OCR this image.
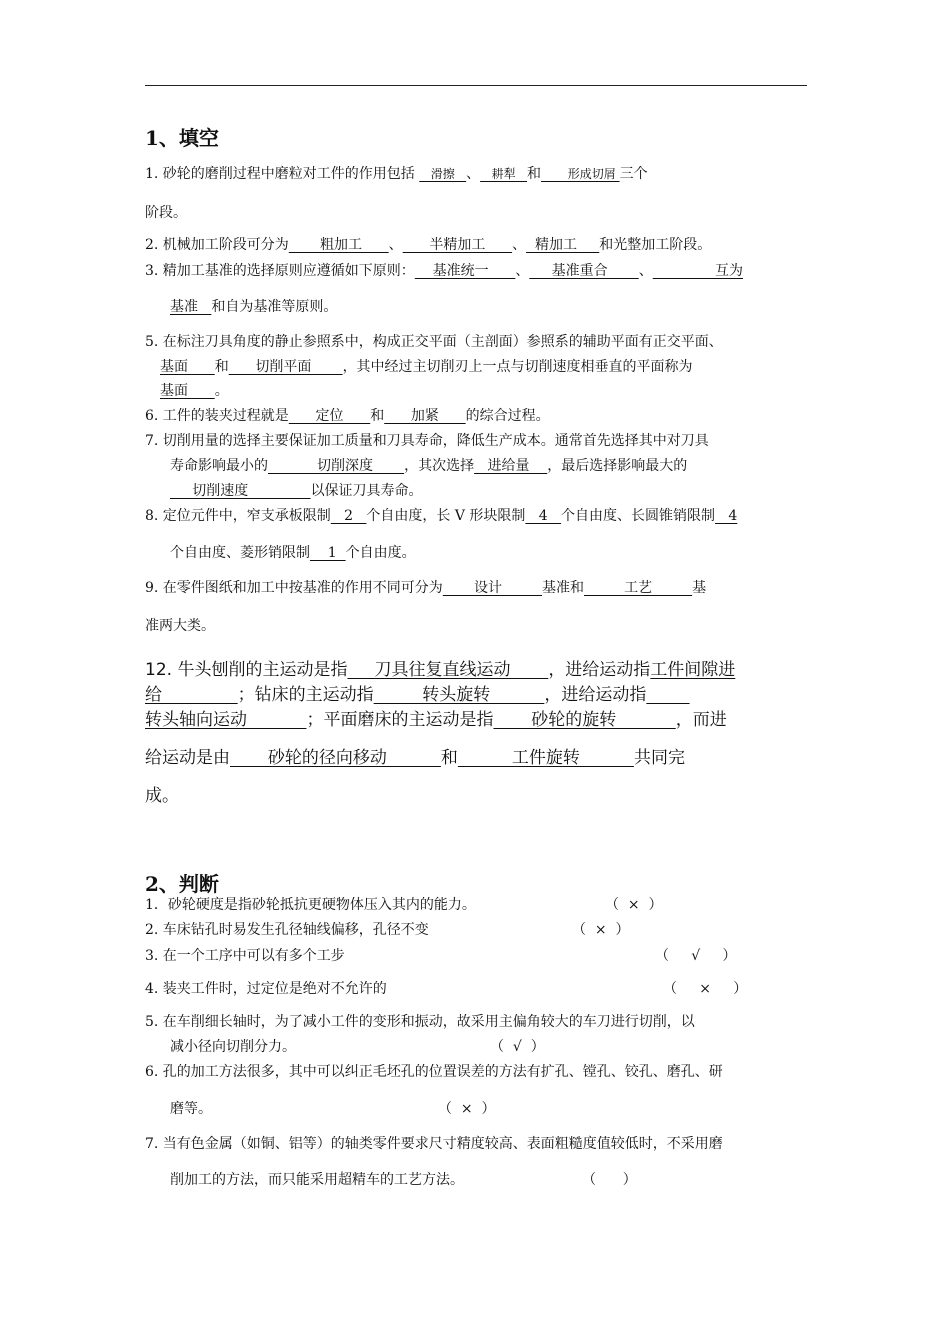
1、填空
1. 砂轮的磨削过程中磨粒对工件的作用包括    滑擦   、   耕犁   和       形成切屑 三个
阶段。
2. 机械加工阶段可分为       粗加工      、      半精加工      、  精加工     和光整加工阶段。
3. 精加工基准的选择原则应遵循如下原则：    基准统一      、     基准重合       、              互为
基准   和自为基准等原则。
5. 在标注刀具角度的静止参照系中，构成正交平面（主剖面）参照系的辅助平面有正交平面、
基面      和      切削平面       ，其中经过主切削刃上一点与切削速度相垂直的平面称为
基面      。
6. 工件的装夹过程就是      定位      和      加紧      的综合过程。
7. 切削用量的选择主要保证加工质量和刀具寿命，降低生产成本。通常首先选择其中对刀具
寿命影响最小的           切削深度       ，其次选择   进给量    ，最后选择影响最大的
切削速度              以保证刀具寿命。
8. 定位元件中，窄支承板限制   2   个自由度，长 V 形块限制   4   个自由度、长圆锥销限制   4
个自由度、菱形销限制    1  个自由度。
9. 在零件图纸和加工中按基准的作用不同可分为       设计         基准和         工艺         基
准两大类。
12. 牛头刨削的主运动是指     刀具往复直线运动       ，进给运动指工件间隙进
给              ；钻床的主运动指         转头旋转          ，进给运动指
转头轴向运动           ；平面磨床的主运动是指       砂轮的旋转           ，而进
给运动是由       砂轮的径向移动          和          工件旋转          共同完
成。
2、判断
1．砂轮硬度是指砂轮抵抗更硬物体压入其内的能力。	（  ×  ）
2. 车床钻孔时易发生孔径轴线偏移，孔径不变	（  ×  ）
3. 在一个工序中可以有多个工步	（     √     ）
4. 装夹工件时，过定位是绝对不允许的	（     ×     ）
5. 在车削细长轴时，为了减小工件的变形和振动，故采用主偏角较大的车刀进行切削，以
减小径向切削分力。	（  √  ）
6. 孔的加工方法很多，其中可以纠正毛坯孔的位置误差的方法有扩孔、镗孔、铰孔、磨孔、研
磨等。	（  ×  ）
7. 当有色金属（如铜、铝等）的轴类零件要求尺寸精度较高、表面粗糙度值较低时，不采用磨
削加工的方法，而只能采用超精车的工艺方法。	（      ）
